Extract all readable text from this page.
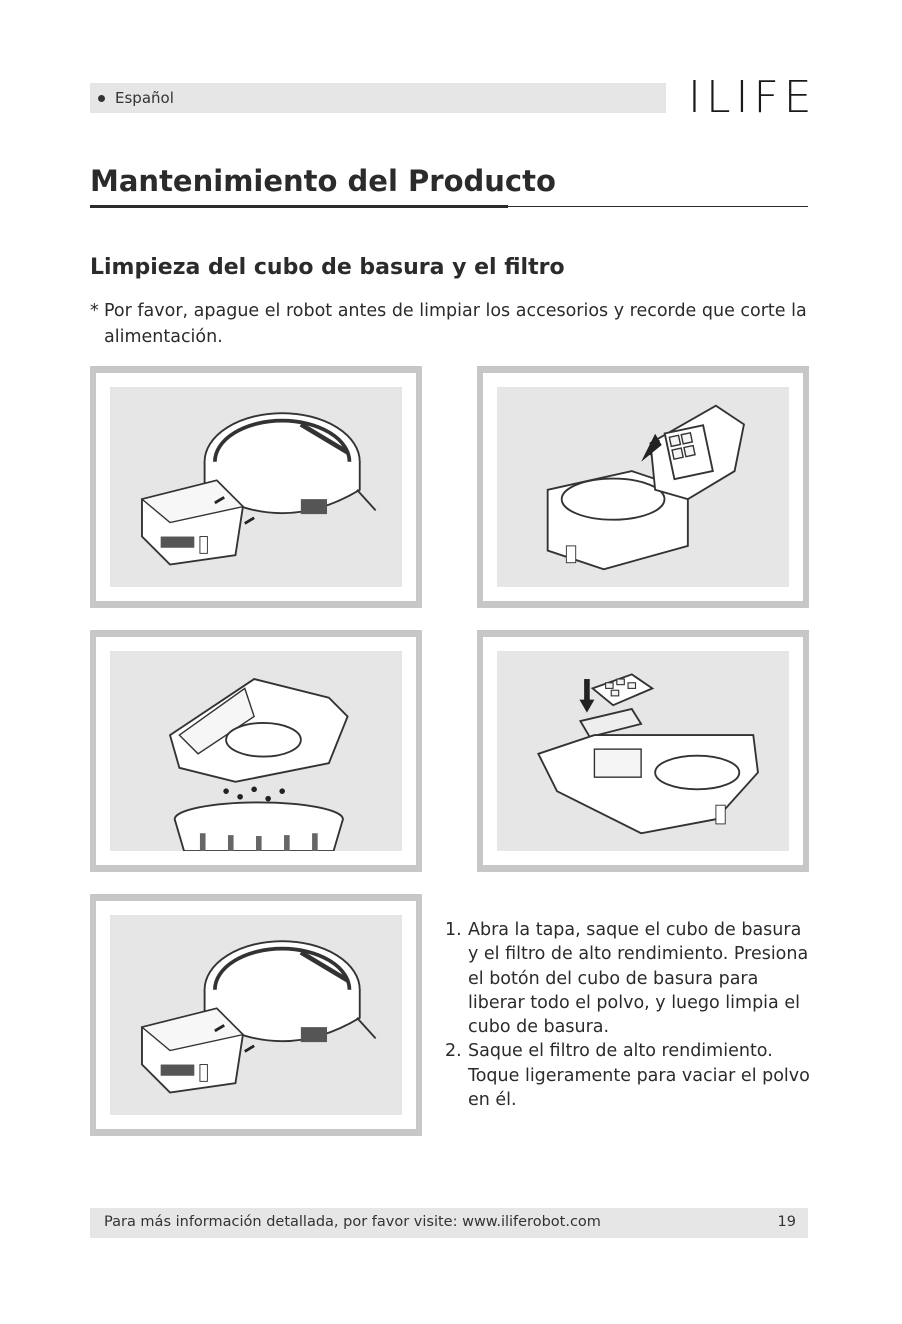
Español	ILIFE
Mantenimiento del Producto
Limpieza del cubo de basura y el filtro
* Por favor, apague el robot antes de limpiar los accesorios y recorde que corte la alimentación.
1. Abra la tapa, saque el cubo de basura y el filtro de alto rendimiento. Presiona el botón del cubo de basura para liberar todo el polvo, y luego limpia el cubo de basura.
2. Saque el filtro de alto rendimiento. Toque ligeramente para vaciar el polvo en él.
Para más información detallada, por favor visite: www.iliferobot.com	19
